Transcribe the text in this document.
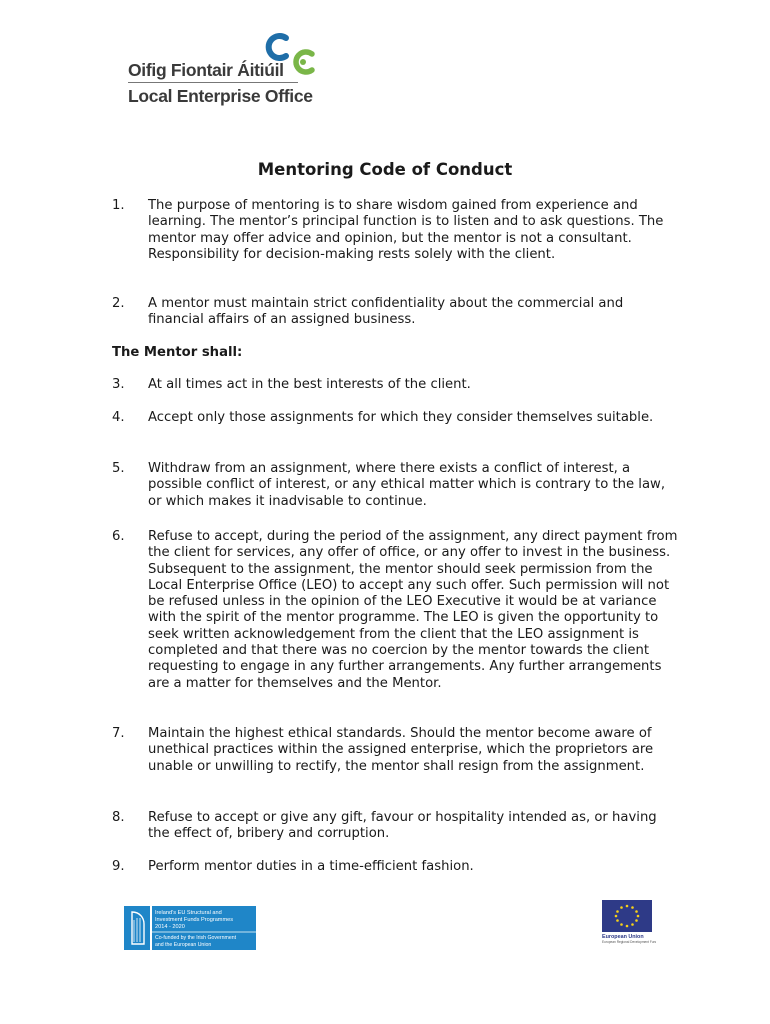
Oifig Fiontair Áitiúil
Local Enterprise Office
Mentoring Code of Conduct
1. The purpose of mentoring is to share wisdom gained from experience and learning. The mentor’s principal function is to listen and to ask questions. The mentor may offer advice and opinion, but the mentor is not a consultant. Responsibility for decision-making rests solely with the client.
2. A mentor must maintain strict confidentiality about the commercial and financial affairs of an assigned business.
The Mentor shall:
3. At all times act in the best interests of the client.
4. Accept only those assignments for which they consider themselves suitable.
5. Withdraw from an assignment, where there exists a conflict of interest, a possible conflict of interest, or any ethical matter which is contrary to the law, or which makes it inadvisable to continue.
6. Refuse to accept, during the period of the assignment, any direct payment from the client for services, any offer of office, or any offer to invest in the business. Subsequent to the assignment, the mentor should seek permission from the Local Enterprise Office (LEO) to accept any such offer. Such permission will not be refused unless in the opinion of the LEO Executive it would be at variance with the spirit of the mentor programme. The LEO is given the opportunity to seek written acknowledgement from the client that the LEO assignment is completed and that there was no coercion by the mentor towards the client requesting to engage in any further arrangements. Any further arrangements are a matter for themselves and the Mentor.
7. Maintain the highest ethical standards. Should the mentor become aware of unethical practices within the assigned enterprise, which the proprietors are unable or unwilling to rectify, the mentor shall resign from the assignment.
8. Refuse to accept or give any gift, favour or hospitality intended as, or having the effect of, bribery and corruption.
9. Perform mentor duties in a time-efficient fashion.
Ireland’s EU Structural and
Investment Funds Programmes
2014 - 2020
Co-funded by the Irish Government
and the European Union
European Union
European Regional Development Fund
